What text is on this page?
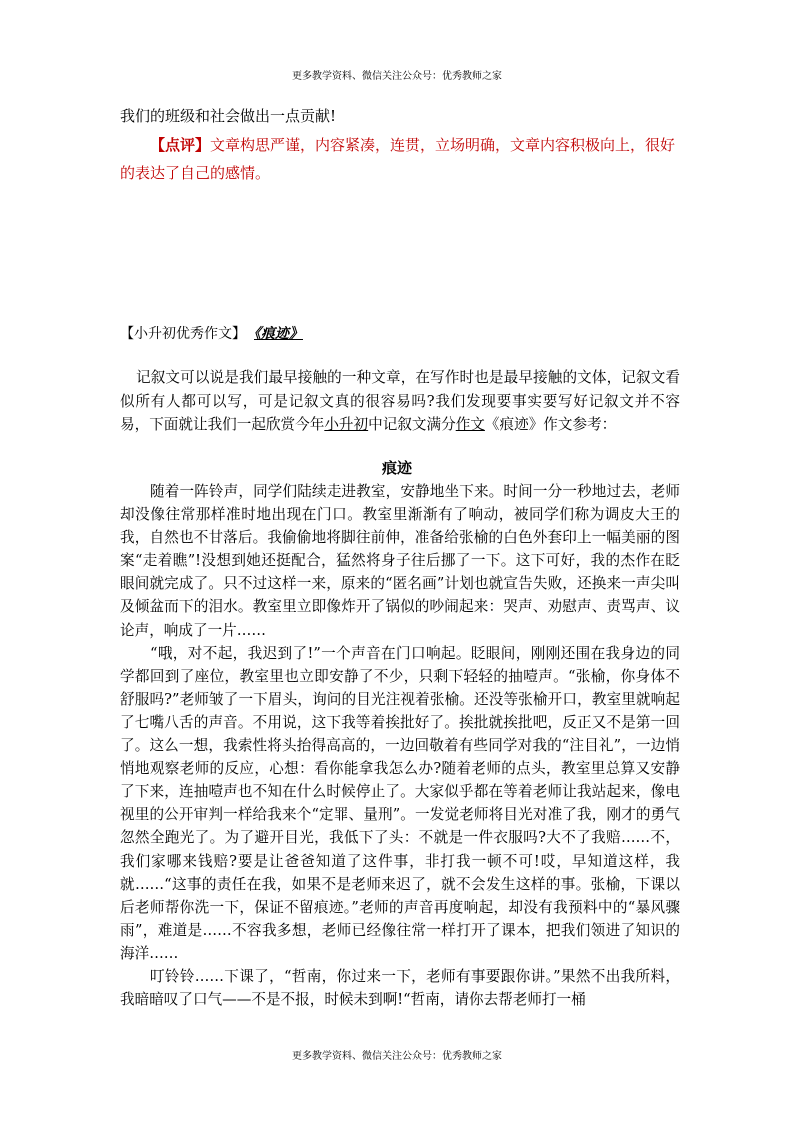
更多教学资料、微信关注公众号：优秀教师之家
我们的班级和社会做出一点贡献!
【点评】文章构思严谨，内容紧凑，连贯，立场明确，文章内容积极向上，很好的表达了自己的感情。
【小升初优秀作文】 《痕迹》
记叙文可以说是我们最早接触的一种文章，在写作时也是最早接触的文体，记叙文看似所有人都可以写，可是记叙文真的很容易吗?我们发现要事实要写好记叙文并不容易，下面就让我们一起欣赏今年小升初中记叙文满分作文《痕迹》作文参考：
痕迹

随着一阵铃声，同学们陆续走进教室，安静地坐下来。时间一分一秒地过去，老师却没像往常那样准时地出现在门口。教室里渐渐有了响动，被同学们称为调皮大王的我，自然也不甘落后。我偷偷地将脚往前伸，准备给张榆的白色外套印上一幅美丽的图案“走着瞧”!没想到她还挺配合，猛然将身子往后挪了一下。这下可好，我的杰作在眨眼间就完成了。只不过这样一来，原来的“匿名画”计划也就宣告失败，还换来一声尖叫及倾盆而下的泪水。教室里立即像炸开了锅似的吵闹起来：哭声、劝慰声、责骂声、议论声，响成了一片……

“哦，对不起，我迟到了!”一个声音在门口响起。眨眼间，刚刚还围在我身边的同学都回到了座位，教室里也立即安静了不少，只剩下轻轻的抽噎声。“张榆，你身体不舒服吗?”老师皱了一下眉头，询问的目光注视着张榆。还没等张榆开口，教室里就响起了七嘴八舌的声音。不用说，这下我等着挨批好了。挨批就挨批吧，反正又不是第一回了。这么一想，我索性将头抬得高高的，一边回敬着有些同学对我的“注目礼”，一边悄悄地观察老师的反应，心想：看你能拿我怎么办?随着老师的点头，教室里总算又安静了下来，连抽噎声也不知在什么时候停止了。大家似乎都在等着老师让我站起来，像电视里的公开审判一样给我来个“定罪、量刑”。一发觉老师将目光对准了我，刚才的勇气忽然全跑光了。为了避开目光，我低下了头：不就是一件衣服吗?大不了我赔……不，我们家哪来钱赔?要是让爸爸知道了这件事，非打我一顿不可!哎，早知道这样，我就……“这事的责任在我，如果不是老师来迟了，就不会发生这样的事。张榆，下课以后老师帮你洗一下，保证不留痕迹。”老师的声音再度响起，却没有我预料中的“暴风骤雨”，难道是……不容我多想，老师已经像往常一样打开了课本，把我们领进了知识的海洋……

叮铃铃……下课了，“哲南，你过来一下，老师有事要跟你讲。”果然不出我所料，我暗暗叹了口气——不是不报，时候未到啊!“哲南，请你去帮老师打一桶

更多教学资料、微信关注公众号：优秀教师之家
